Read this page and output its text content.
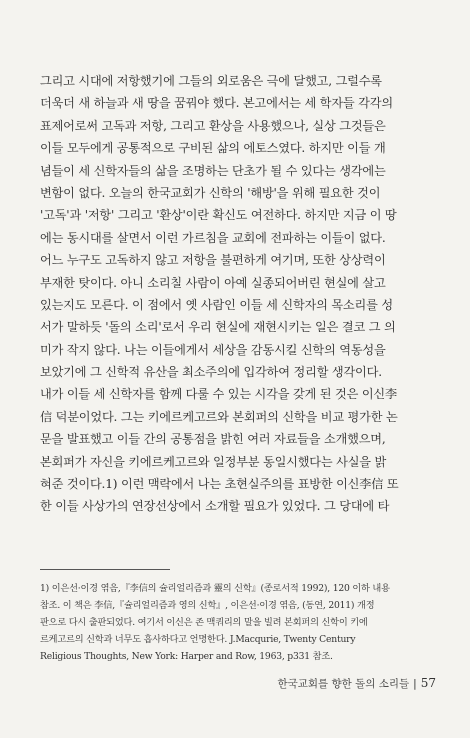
그리고 시대에 저항했기에 그들의 외로움은 극에 달했고, 그럴수록
더욱더 새 하늘과 새 땅을 꿈꿔야 했다. 본고에서는 세 학자들 각각의
표제어로써 고독과 저항, 그리고 환상을 사용했으나, 실상 그것들은
이들 모두에게 공통적으로 구비된 삶의 에토스였다. 하지만 이들 개
념들이 세 신학자들의 삶을 조명하는 단초가 될 수 있다는 생각에는
변함이 없다. 오늘의 한국교회가 신학의 '해방'을 위해 필요한 것이
'고독'과 '저항' 그리고 '환상'이란 확신도 여전하다. 하지만 지금 이 땅
에는 동시대를 살면서 이런 가르침을 교회에 전파하는 이들이 없다.
어느 누구도 고독하지 않고 저항을 불편하게 여기며, 또한 상상력이
부재한 탓이다. 아니 소리칠 사람이 아예 실종되어버린 현실에 살고
있는지도 모른다. 이 점에서 옛 사람인 이들 세 신학자의 목소리를 성
서가 말하듯 '돌의 소리'로서 우리 현실에 재현시키는 일은 결코 그 의
미가 작지 않다. 나는 이들에게서 세상을 감동시킬 신학의 역동성을
보았기에 그 신학적 유산을 최소주의에 입각하여 정리할 생각이다.
내가 이들 세 신학자를 함께 다룰 수 있는 시각을 갖게 된 것은 이신李
信 덕분이었다. 그는 키에르케고르와 본회퍼의 신학을 비교 평가한 논
문을 발표했고 이들 간의 공통점을 밝힌 여러 자료들을 소개했으며,
본회퍼가 자신을 키에르케고르와 일정부분 동일시했다는 사실을 밝
혀준 것이다.1) 이런 맥락에서 나는 초현실주의를 표방한 이신李信 또
한 이들 사상가의 연장선상에서 소개할 필요가 있었다. 그 당대에 타
1) 이은선·이경 엮음,『李信의 슐리얼리즘과 靈의 신학』(종로서적 1992), 120 이하 내용
참조. 이 책은 李信,『슐리얼리즘과 영의 신학』, 이은선·이경 엮음, (동연, 2011) 개정
판으로 다시 출판되었다. 여기서 이신은 존 맥쿼리의 말을 빌려 본회퍼의 신학이 키에
르케고르의 신학과 너무도 흡사하다고 언명한다. J.Macqurie, Twenty Century
Religious Thoughts, New York: Harper and Row, 1963, p331 참조.
한국교회를 향한 돌의 소리들 | 57
